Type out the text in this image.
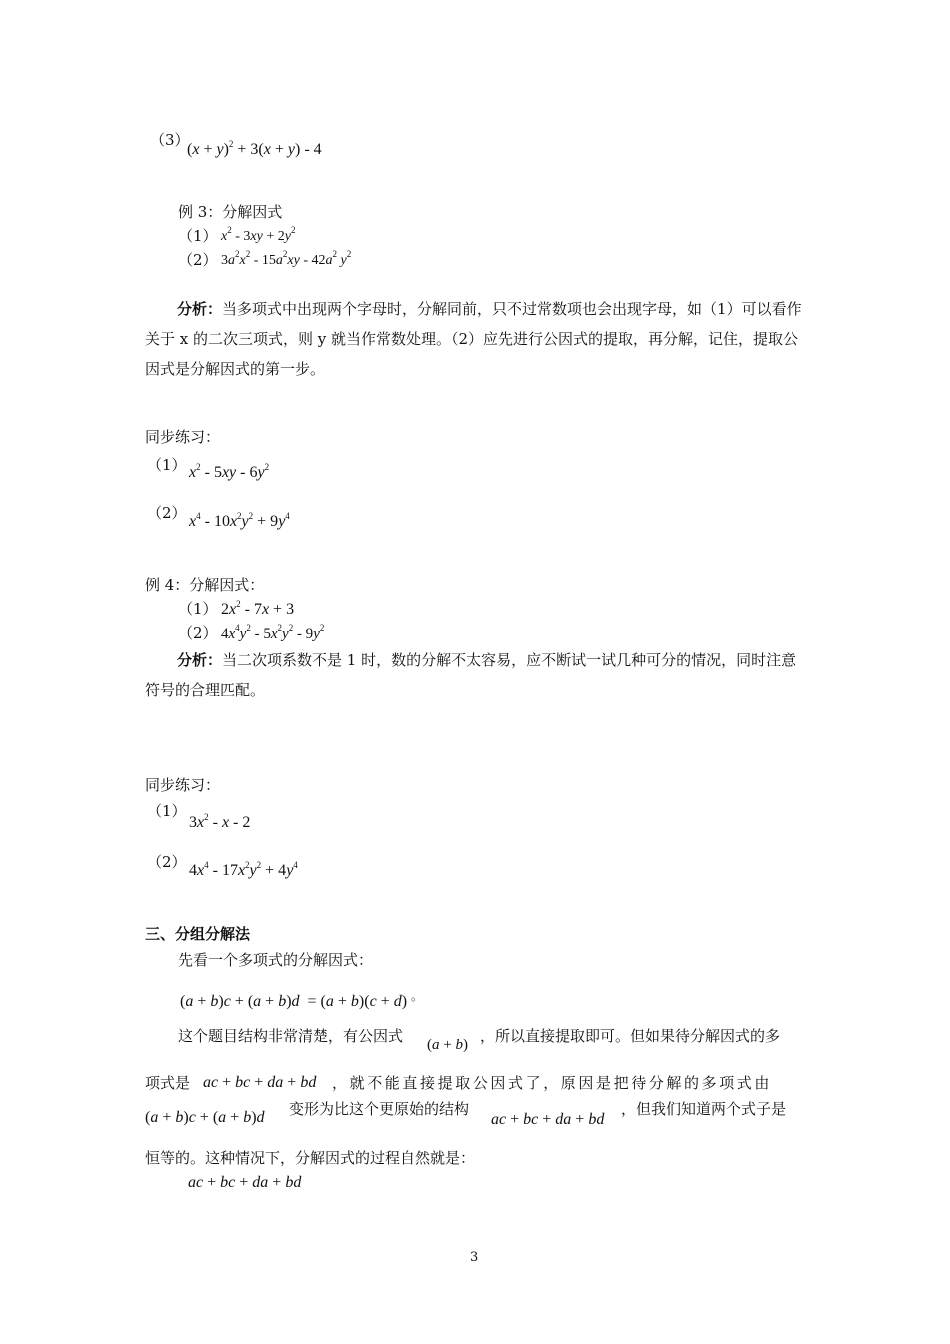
（3）
$(x + y)^2 + 3(x + y) - 4$
例 3：分解因式
（1） $x^2 - 3xy + 2y^2$
（2） $3a^2x^2 - 15a^2xy - 42a^2$ $y^2$
分析：当多项式中出现两个字母时，分解同前，只不过常数项也会出现字母，如（1）可以看作关于 x 的二次三项式，则 y 就当作常数处理。（2）应先进行公因式的提取，再分解，记住，提取公因式是分解因式的第一步。
同步练习：
（1） $x^2 - 5xy - 6y^2$
（2） $x^4 - 10x^2y^2 + 9y^4$
例 4：分解因式：
（1） $2x^2 - 7x + 3$
（2） $4x^4y^2 - 5x^2y^2 - 9y^2$
分析：当二次项系数不是 1 时，数的分解不太容易，应不断试一试几种可分的情况，同时注意符号的合理匹配。
同步练习：
（1）
$3x^2$ - x - 2
（2） $4x^4 - 17x^2y^2 + 4y^4$
三、分组分解法
先看一个多项式的分解因式：
(a + b)c + (a + b)d  = (a + b)(c + d) 。
这个题目结构非常清楚，有公因式 (a + b) ，所以直接提取即可。但如果待分解因式的多
项式是 ac + bc + da + bd ，就不能直接提取公因式了，原因是把待分解的多项式由
(a + b)c + (a + b)d 变形为比这个更原始的结构
ac + bc + da + bd
，但我们知道两个式子是
恒等的。这种情况下，分解因式的过程自然就是：
ac + bc + da + bd
3
